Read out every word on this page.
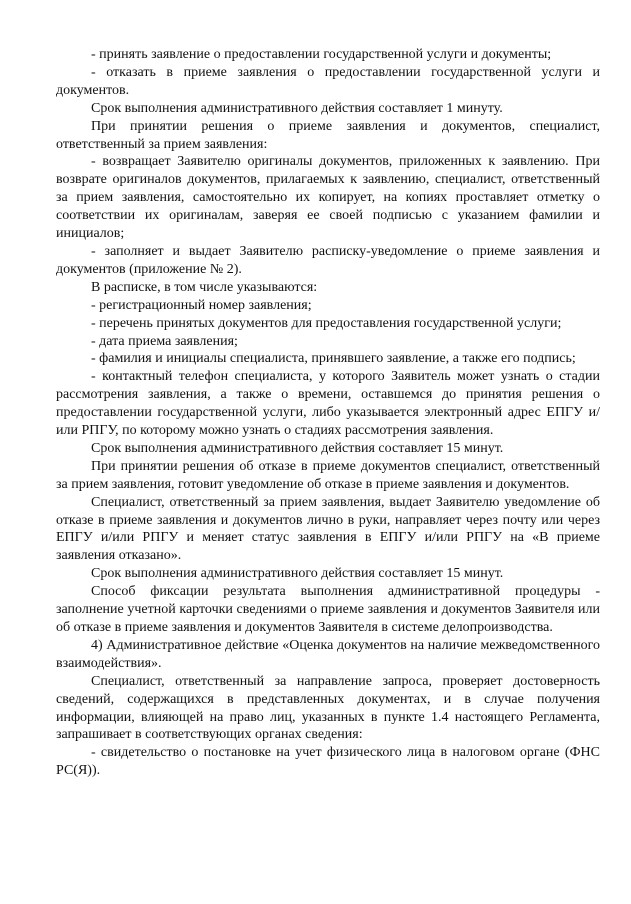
- принять заявление о предоставлении государственной услуги и документы;

- отказать в приеме заявления о предоставлении государственной услуги и документов.

Срок выполнения административного действия составляет 1 минуту.

При принятии решения о приеме заявления и документов, специалист, ответственный за прием заявления:

- возвращает Заявителю оригиналы документов, приложенных к заявлению. При возврате оригиналов документов, прилагаемых к заявлению, специалист, ответственный за прием заявления, самостоятельно их копирует, на копиях проставляет отметку о соответствии их оригиналам, заверяя ее своей подписью с указанием фамилии и инициалов;

- заполняет и выдает Заявителю расписку-уведомление о приеме заявления и документов (приложение № 2).

В расписке, в том числе указываются:

- регистрационный номер заявления;

- перечень принятых документов для предоставления государственной услуги;

- дата приема заявления;

- фамилия и инициалы специалиста, принявшего заявление, а также его подпись;

- контактный телефон специалиста, у которого Заявитель может узнать о стадии рассмотрения заявления, а также о времени, оставшемся до принятия решения о предоставлении государственной услуги, либо указывается электронный адрес ЕПГУ и/или РПГУ, по которому можно узнать о стадиях рассмотрения заявления.

Срок выполнения административного действия составляет 15 минут.

При принятии решения об отказе в приеме документов специалист, ответственный за прием заявления, готовит уведомление об отказе в приеме заявления и документов.

Специалист, ответственный за прием заявления, выдает Заявителю уведомление об отказе в приеме заявления и документов лично в руки, направляет через почту или через ЕПГУ и/или РПГУ и меняет статус заявления в ЕПГУ и/или РПГУ на «В приеме заявления отказано».

Срок выполнения административного действия составляет 15 минут.

Способ фиксации результата выполнения административной процедуры - заполнение учетной карточки сведениями о приеме заявления и документов Заявителя или об отказе в приеме заявления и документов Заявителя в системе делопроизводства.

4) Административное действие «Оценка документов на наличие межведомственного взаимодействия».

Специалист, ответственный за направление запроса, проверяет достоверность сведений, содержащихся в представленных документах, и в случае получения информации, влияющей на право лиц, указанных в пункте 1.4 настоящего Регламента, запрашивает в соответствующих органах сведения:

- свидетельство о постановке на учет физического лица в налоговом органе (ФНС РС(Я)).
